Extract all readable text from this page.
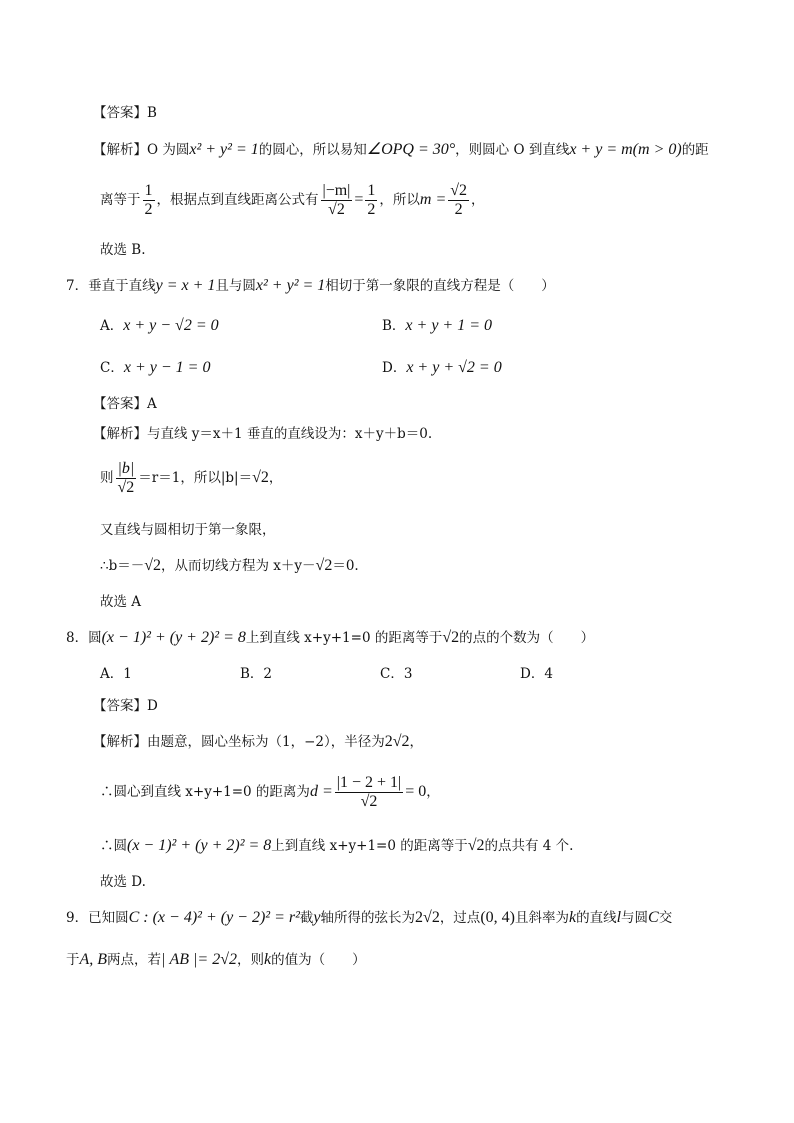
【答案】B
【解析】O 为圆x² + y² = 1的圆心，所以易知∠OPQ = 30°，则圆心 O 到直线x + y = m(m > 0)的距
离等于 $\frac{1}{2}$ ，根据点到直线距离公式有 $\frac{|-m|}{√2} = \frac{1}{2}$ ，所以$m = \frac{√2}{2}$ ，
故选 B.
7．垂直于直线y = x + 1且与圆x² + y² = 1相切于第一象限的直线方程是（　　）
A．x + y − √2 = 0	B．x + y + 1 = 0
C．x + y − 1 = 0	D．x + y + √2 = 0
【答案】A
【解析】与直线 y＝x＋1 垂直的直线设为：x＋y＋b＝0.
则 $\frac{|b|}{√2} =r=1$，所以|b|＝√2，
又直线与圆相切于第一象限，
∴b＝－√2，从而切线方程为 x＋y－√2＝0.
故选 A
8．圆(x − 1)² + (y + 2)² = 8上到直线 x+y+1=0 的距离等于√2的点的个数为（　　）
A．1	B．2	C．3	D．4
【答案】D
【解析】由题意，圆心坐标为（1，−2），半径为2√2，
∴圆心到直线 x+y+1=0 的距离为$d = \frac{|1 - 2 + 1|}{√2} = 0$，
∴圆(x − 1)² + (y + 2)² = 8上到直线 x+y+1=0 的距离等于√2的点共有 4 个.
故选 D.
9．已知圆C : (x − 4)² + (y − 2)² = r²截y轴所得的弦长为2√2，过点(0, 4)且斜率为k的直线l与圆C交
于A, B两点，若| AB |= 2√2，则k的值为（　　）
